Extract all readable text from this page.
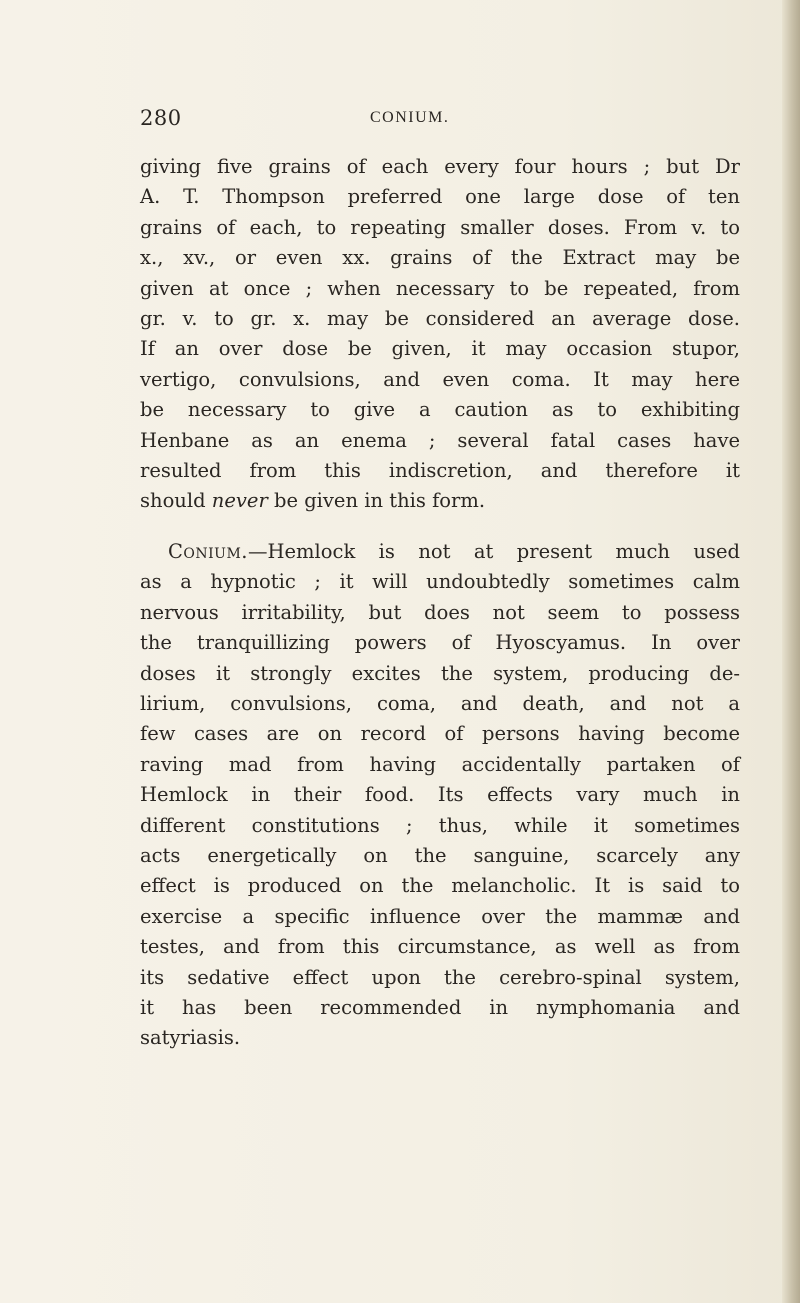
280	CONIUM.

giving five grains of each every four hours ; but Dr
A. T. Thompson preferred one large dose of ten
grains of each, to repeating smaller doses. From v. to
x., xv., or even xx. grains of the Extract may be
given at once ; when necessary to be repeated, from
gr. v. to gr. x. may be considered an average dose.
If an over dose be given, it may occasion stupor,
vertigo, convulsions, and even coma. It may here
be necessary to give a caution as to exhibiting
Henbane as an enema ; several fatal cases have
resulted from this indiscretion, and therefore it
should never be given in this form.

Conium.—Hemlock is not at present much used
as a hypnotic ; it will undoubtedly sometimes calm
nervous irritability, but does not seem to possess
the tranquillizing powers of Hyoscyamus. In over
doses it strongly excites the system, producing de-
lirium, convulsions, coma, and death, and not a
few cases are on record of persons having become
raving mad from having accidentally partaken of
Hemlock in their food. Its effects vary much in
different constitutions ; thus, while it sometimes
acts energetically on the sanguine, scarcely any
effect is produced on the melancholic. It is said to
exercise a specific influence over the mammæ and
testes, and from this circumstance, as well as from
its sedative effect upon the cerebro-spinal system,
it has been recommended in nymphomania and
satyriasis.
